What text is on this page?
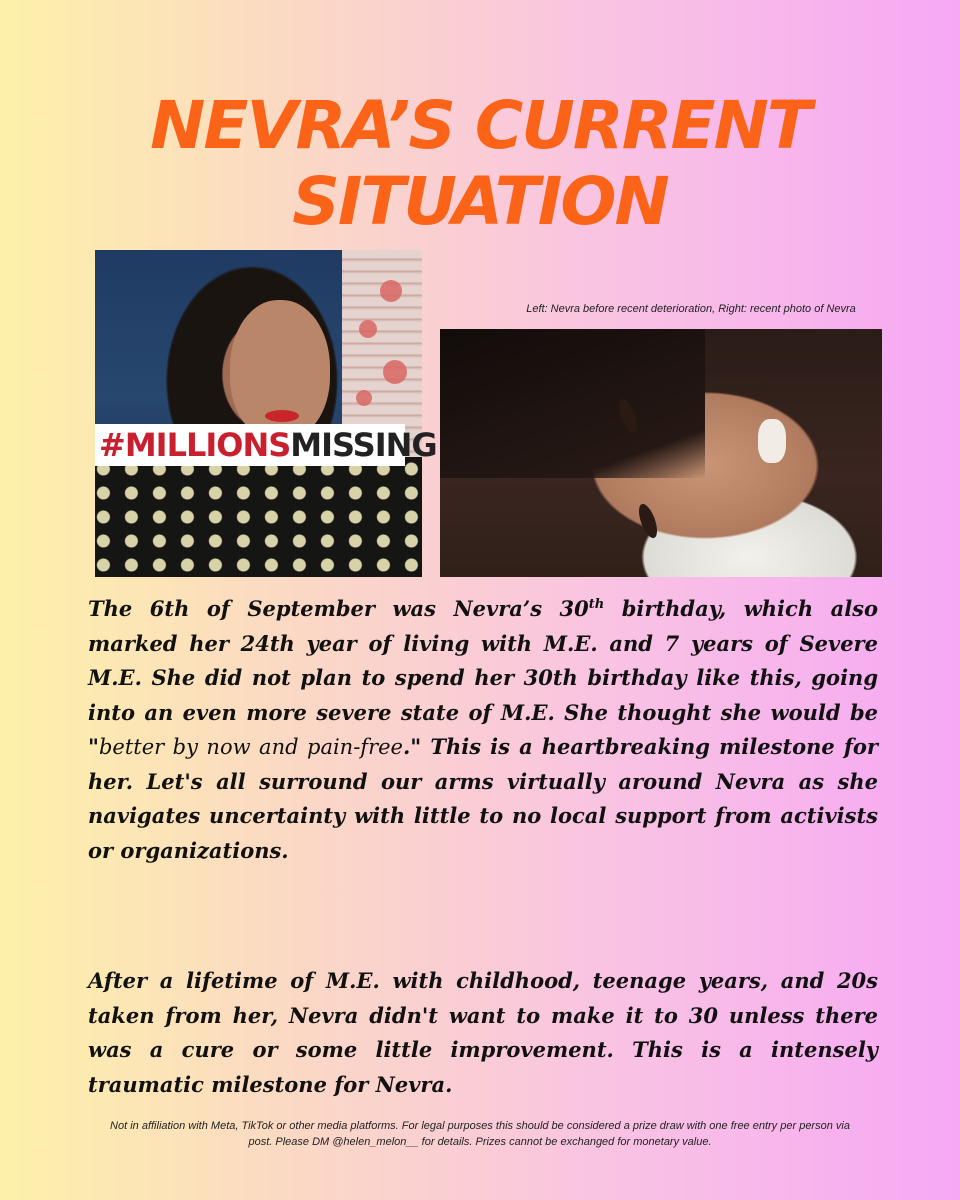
NEVRA’S CURRENT
SITUATION
#MILLIONS MISSING
Left: Nevra before recent deterioration, Right: recent photo of Nevra

The 6th of September was Nevra’s 30th birthday, which also marked her 24th year of living with M.E. and 7 years of Severe M.E. She did not plan to spend her 30th birthday like this, going into an even more severe state of M.E. She thought she would be "better by now and pain-free." This is a heartbreaking milestone for her. Let's all surround our arms virtually around Nevra as she navigates uncertainty with little to no local support from activists or organizations.

After a lifetime of M.E. with childhood, teenage years, and 20s taken from her, Nevra didn't want to make it to 30 unless there was a cure or some little improvement. This is a intensely traumatic milestone for Nevra.

Not in affiliation with Meta, TikTok or other media platforms. For legal purposes this should be considered a prize draw with one free entry per person via post. Please DM @helen_melon__ for details. Prizes cannot be exchanged for monetary value.
